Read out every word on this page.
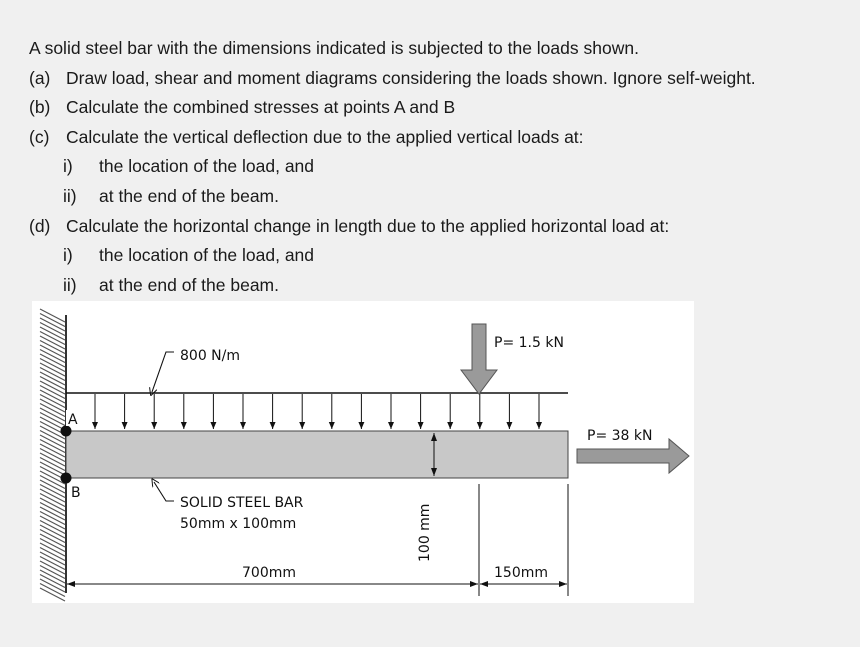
A solid steel bar with the dimensions indicated is subjected to the loads shown.
(a) Draw load, shear and moment diagrams considering the loads shown. Ignore self-weight.
(b) Calculate the combined stresses at points A and B
(c) Calculate the vertical deflection due to the applied vertical loads at:
i) the location of the load, and
ii) at the end of the beam.
(d) Calculate the horizontal change in length due to the applied horizontal load at:
i) the location of the load, and
ii) at the end of the beam.
800 N/m
P= 1.5 kN
P= 38 kN
A
B
SOLID STEEL BAR
50mm x 100mm	100 mm
700mm	150mm
